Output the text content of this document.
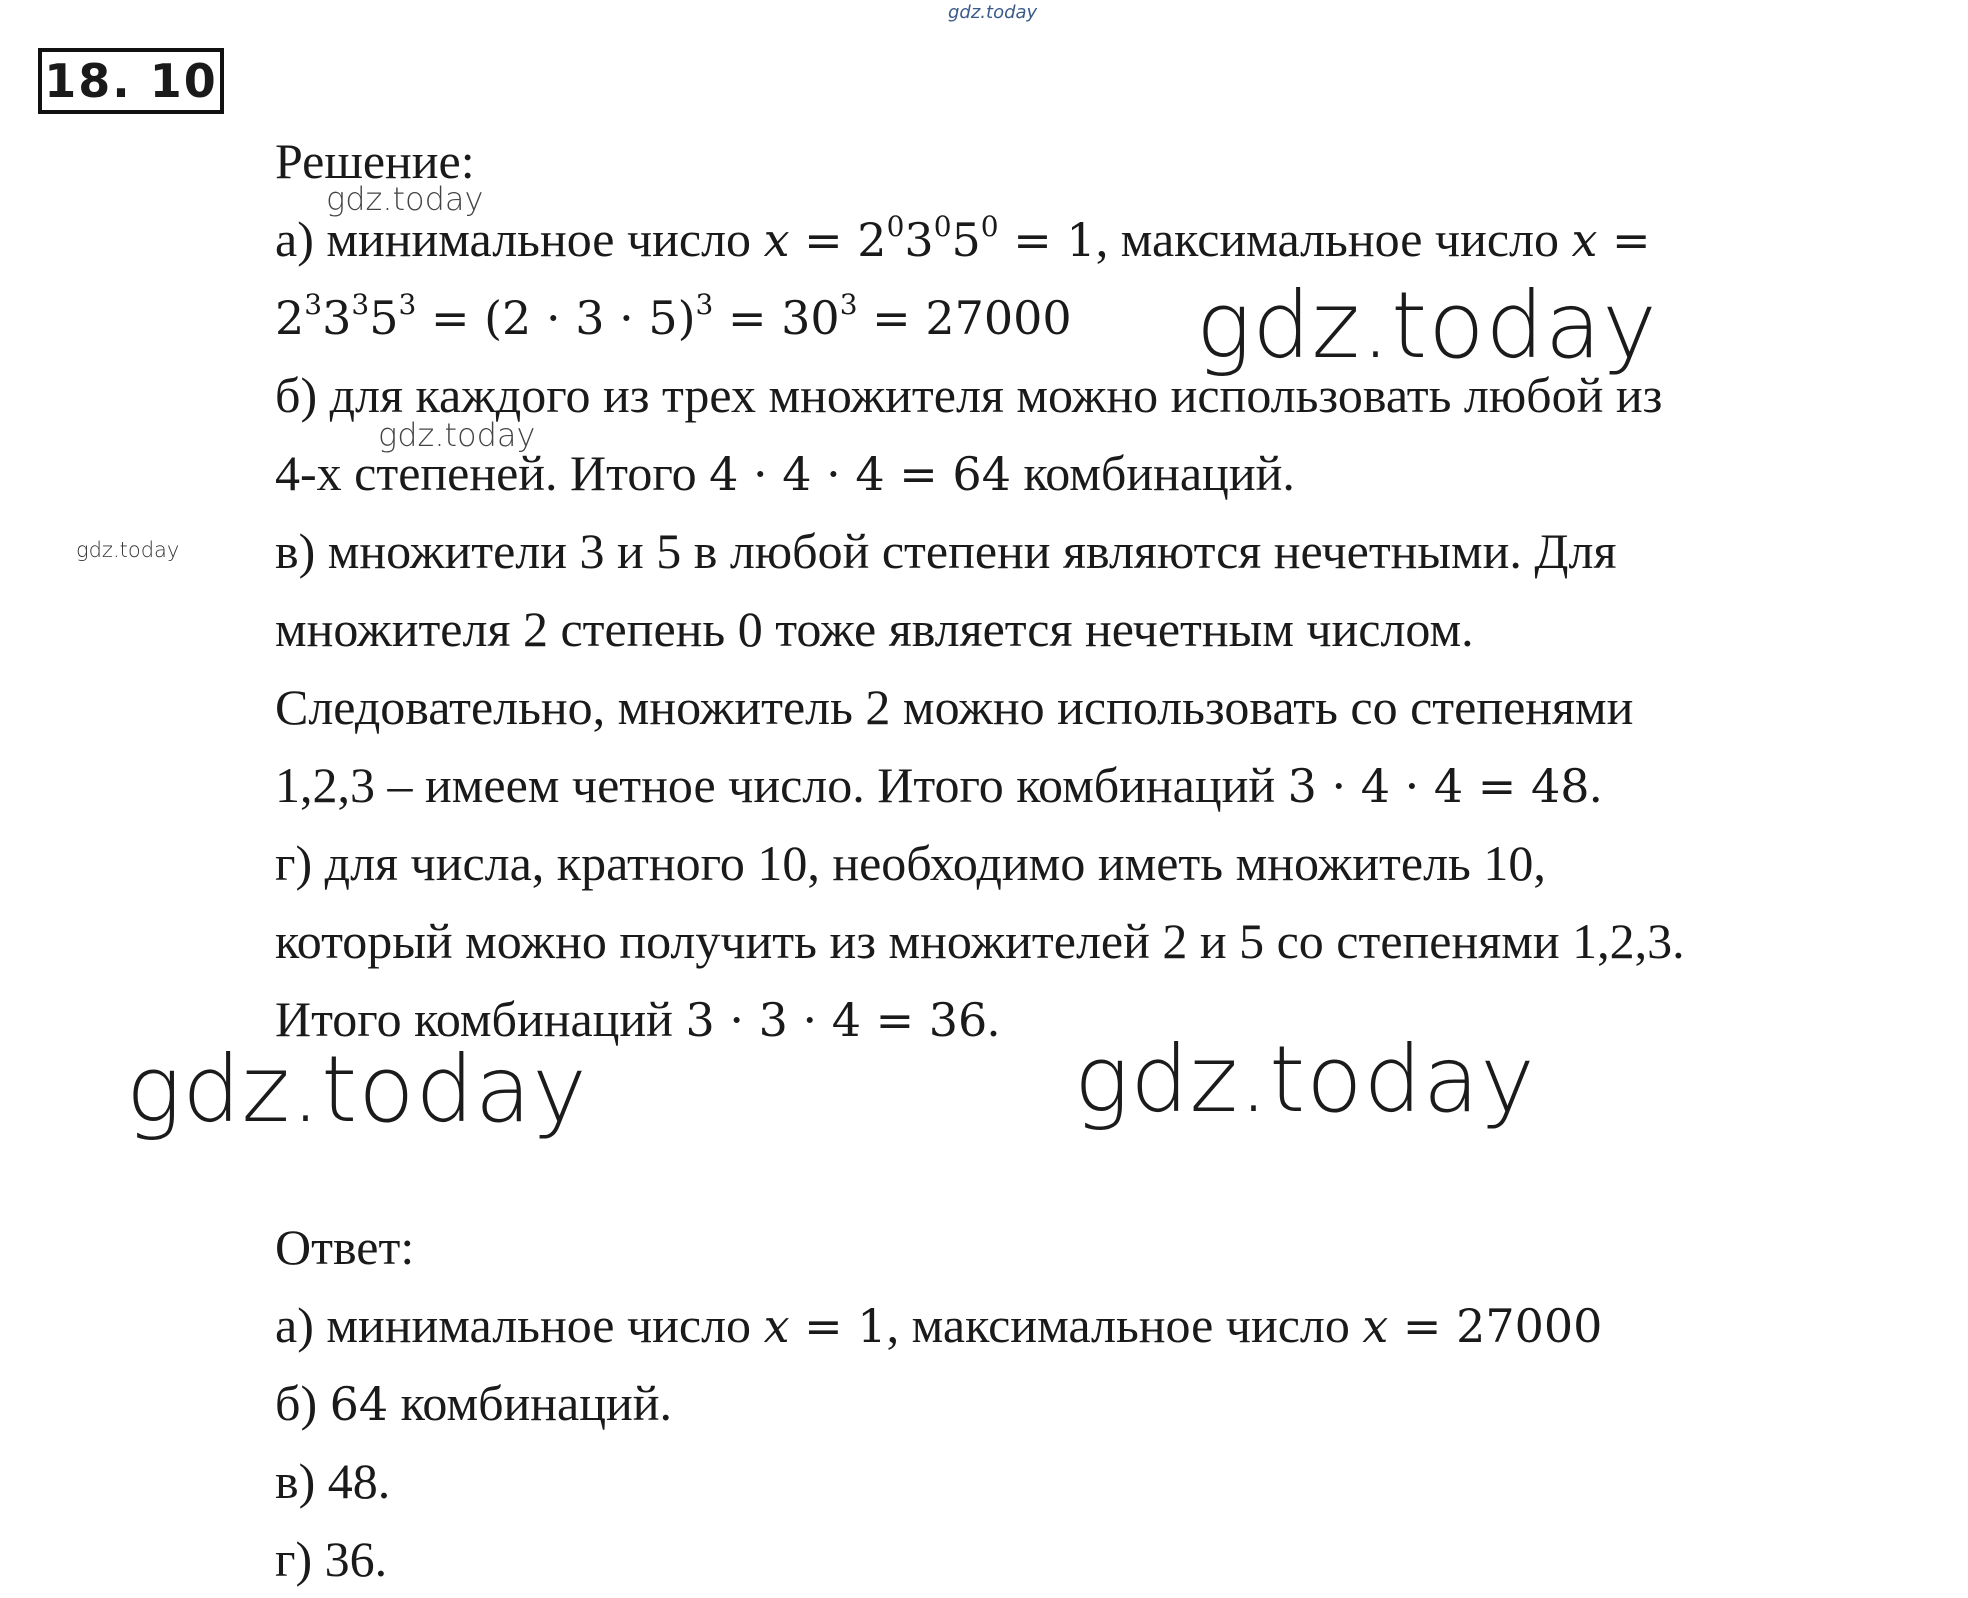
18. 10
Решение:
а) минимальное число $x = 2^03^05^0 = 1$, максимальное число x =
$2^33^35^3 = (2 \cdot 3 \cdot 5)^3 = 30^3 = 27000$
б) для каждого из трех множителя можно использовать любой из
4-х степеней. Итого 4 · 4 · 4 = 64 комбинаций.
в) множители 3 и 5 в любой степени являются нечетными. Для
множителя 2 степень 0 тоже является нечетным числом.
Следовательно, множитель 2 можно использовать со степенями
1,2,3 – имеем четное число. Итого комбинаций 3 · 4 · 4 = 48.
г) для числа, кратного 10, необходимо иметь множитель 10,
который можно получить из множителей 2 и 5 со степенями 1,2,3.
Итого комбинаций 3 · 3 · 4 = 36.
Ответ:
а) минимальное число x = 1, максимальное число x = 27000
б) 64 комбинаций.
в) 48.
г) 36.
gdz.today
gdz.today
gdz.today
gdz.today
gdz.today
gdz.today	gdz.today
